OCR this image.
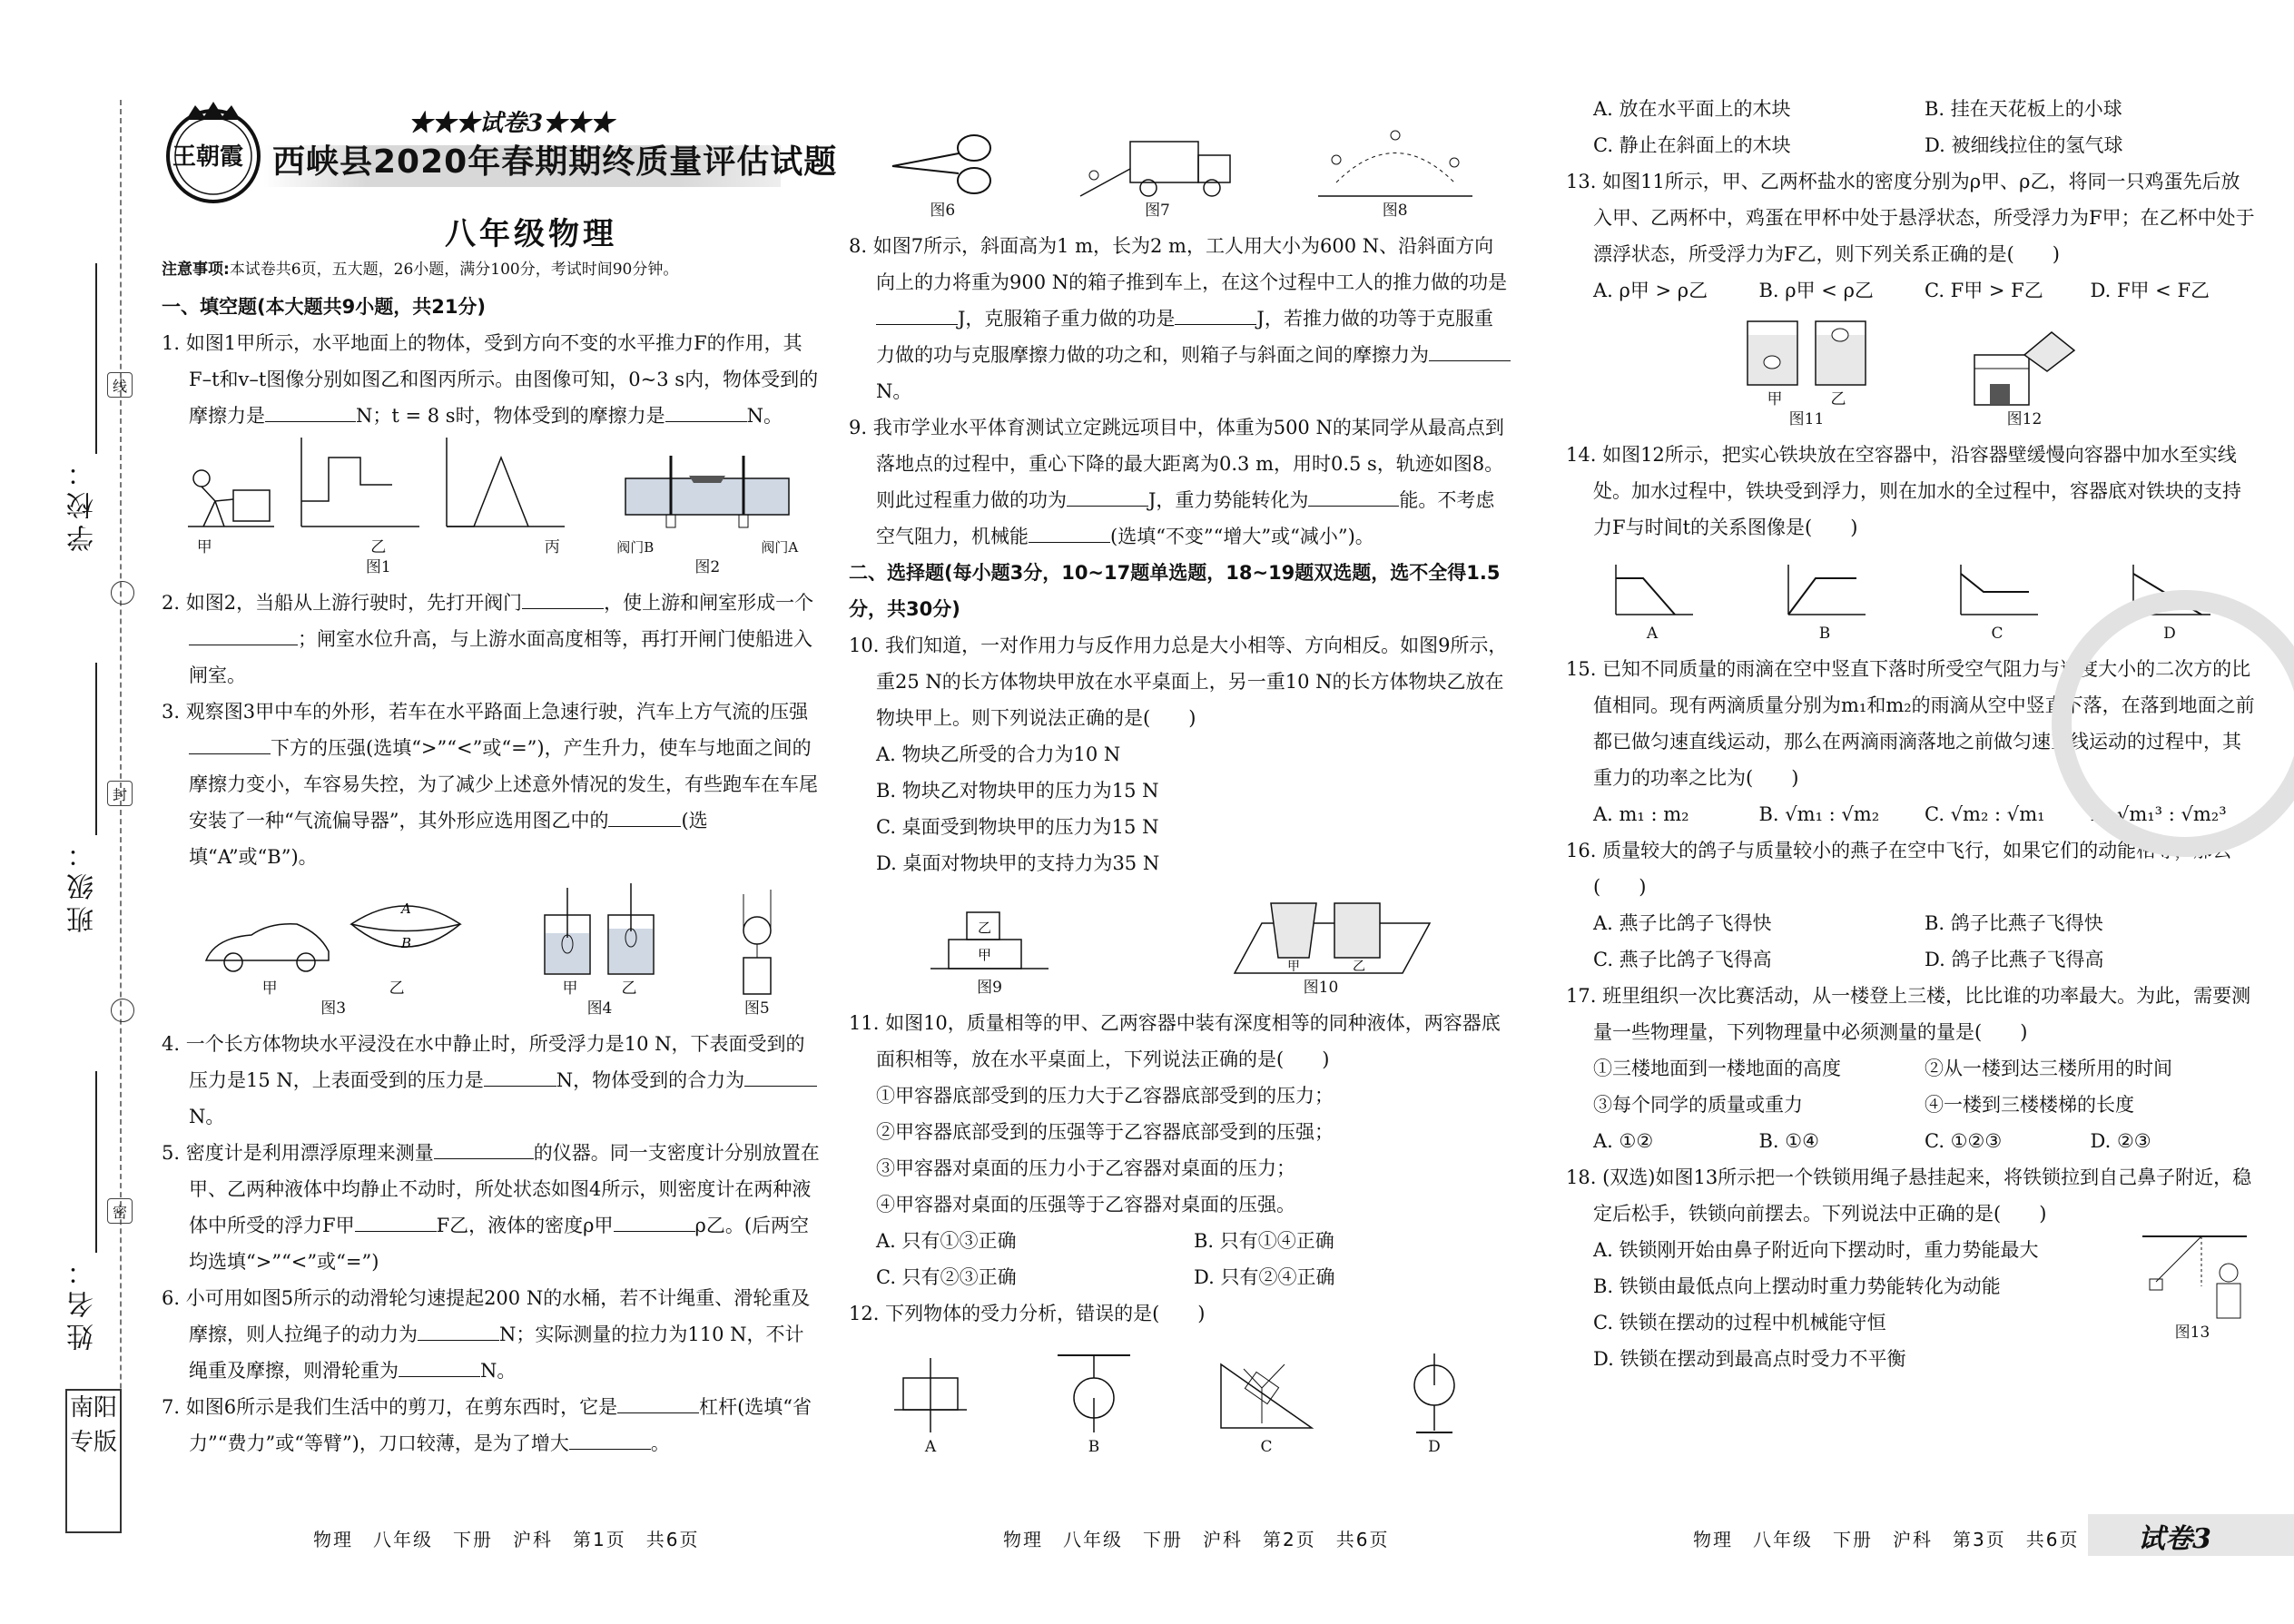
学校：
班级：
姓名：
线
封
密
南阳专版
王朝霞
★★★试卷3★★★
西峡县2020年春期期终质量评估试题
八年级物理
注意事项:本试卷共6页，五大题，26小题，满分100分，考试时间90分钟。

一、填空题(本大题共9小题，共21分)

1. 如图1甲所示，水平地面上的物体，受到方向不变的水平推力F的作用，其F–t和v–t图像分别如图乙和图丙所示。由图像可知，0~3 s内，物体受到的摩擦力是	N；t = 8 s时，物体受到的摩擦力是	N。

甲	乙	丙
图1
阀门B	阀门A
图2

2. 如图2，当船从上游行驶时，先打开阀门	，使上游和闸室形成一个；闸室水位升高，与上游水面高度相等，再打开闸门使船进入闸室。

3. 观察图3甲中车的外形，若车在水平路面上急速行驶，汽车上方气流的压强下方的压强(选填“>”“<”或“=”)，产生升力，使车与地面之间的摩擦力变小，车容易失控，为了减少上述意外情况的发生，有些跑车在车尾安装了一种“气流偏导器”，其外形应选用图乙中的	(选填“A”或“B”)。

A
B
甲	乙
图3
甲	乙
图4	图5

4. 一个长方体物块水平浸没在水中静止时，所受浮力是10 N，下表面受到的压力是15 N，上表面受到的压力是	N，物体受到的合力为N。

5. 密度计是利用漂浮原理来测量	的仪器。同一支密度计分别放置在甲、乙两种液体中均静止不动时，所处状态如图4所示，则密度计在两种液体中所受的浮力F甲	F乙，液体的密度ρ甲	ρ乙。(后两空均选填“>”“<”或“=”)

6. 小可用如图5所示的动滑轮匀速提起200 N的水桶，若不计绳重、滑轮重及摩擦，则人拉绳子的动力为	N；实际测量的拉力为110 N，不计绳重及摩擦，则滑轮重为	N。

7. 如图6所示是我们生活中的剪刀，在剪东西时，它是	杠杆(选填“省力”“费力”或“等臂”)，刀口较薄，是为了增大	。

图6	图7	图8

8. 如图7所示，斜面高为1 m，长为2 m，工人用大小为600 N、沿斜面方向向上的力将重为900 N的箱子推到车上，在这个过程中工人的推力做的功是J，克服箱子重力做的功是	J，若推力做的功等于克服重力做的功与克服摩擦力做的功之和，则箱子与斜面之间的摩擦力为N。

9. 我市学业水平体育测试立定跳远项目中，体重为500 N的某同学从最高点到落地点的过程中，重心下降的最大距离为0.3 m，用时0.5 s，轨迹如图8。则此过程重力做的功为	J，重力势能转化为	能。不考虑空气阻力，机械能	(选填“不变”“增大”或“减小”)。

二、选择题(每小题3分，10~17题单选题，18~19题双选题，选不全得1.5分，共30分)

10. 我们知道，一对作用力与反作用力总是大小相等、方向相反。如图9所示，重25 N的长方体物块甲放在水平桌面上，另一重10 N的长方体物块乙放在物块甲上。则下列说法正确的是(　　)

A. 物块乙所受的合力为10 N

B. 物块乙对物块甲的压力为15 N

C. 桌面受到物块甲的压力为15 N

D. 桌面对物块甲的支持力为35 N

乙
甲
图9
甲	乙
图10

11. 如图10，质量相等的甲、乙两容器中装有深度相等的同种液体，两容器底面积相等，放在水平桌面上，下列说法正确的是(　　)

①甲容器底部受到的压力大于乙容器底部受到的压力；

②甲容器底部受到的压强等于乙容器底部受到的压强；

③甲容器对桌面的压力小于乙容器对桌面的压力；

④甲容器对桌面的压强等于乙容器对桌面的压强。

A. 只有①③正确	B. 只有①④正确
C. 只有②③正确	D. 只有②④正确

12. 下列物体的受力分析，错误的是(　　)

A	B	C	D
A. 放在水平面上的木块	B. 挂在天花板上的小球
C. 静止在斜面上的木块	D. 被细线拉住的氢气球

13. 如图11所示，甲、乙两杯盐水的密度分别为ρ甲、ρ乙，将同一只鸡蛋先后放入甲、乙两杯中，鸡蛋在甲杯中处于悬浮状态，所受浮力为F甲；在乙杯中处于漂浮状态，所受浮力为F乙，则下列关系正确的是(　　)

A. ρ甲 > ρ乙	B. ρ甲 < ρ乙	C. F甲 > F乙	D. F甲 < F乙
甲	乙
图11	图12

14. 如图12所示，把实心铁块放在空容器中，沿容器壁缓慢向容器中加水至实线处。加水过程中，铁块受到浮力，则在加水的全过程中，容器底对铁块的支持力F与时间t的关系图像是(　　)

A	B	C	D

15. 已知不同质量的雨滴在空中竖直下落时所受空气阻力与速度大小的二次方的比值相同。现有两滴质量分别为m₁和m₂的雨滴从空中竖直下落，在落到地面之前都已做匀速直线运动，那么在两滴雨滴落地之前做匀速直线运动的过程中，其重力的功率之比为(　　)

A. m₁ : m₂	B. √m₁ : √m₂	C. √m₂ : √m₁	D. √m₁³ : √m₂³

16. 质量较大的鸽子与质量较小的燕子在空中飞行，如果它们的动能相等，那么(　　)

A. 燕子比鸽子飞得快	B. 鸽子比燕子飞得快
C. 燕子比鸽子飞得高	D. 鸽子比燕子飞得高

17. 班里组织一次比赛活动，从一楼登上三楼，比比谁的功率最大。为此，需要测量一些物理量，下列物理量中必须测量的量是(　　)

①三楼地面到一楼地面的高度	②从一楼到达三楼所用的时间
③每个同学的质量或重力	④一楼到三楼楼梯的长度
A. ①②	B. ①④	C. ①②③	D. ②③

18. (双选)如图13所示把一个铁锁用绳子悬挂起来，将铁锁拉到自己鼻子附近，稳定后松手，铁锁向前摆去。下列说法中正确的是(　　)

A. 铁锁刚开始由鼻子附近向下摆动时，重力势能最大

B. 铁锁由最低点向上摆动时重力势能转化为动能

C. 铁锁在摆动的过程中机械能守恒

D. 铁锁在摆动到最高点时受力不平衡

图13
物理　八年级　下册　沪科　第1页　共6页	物理　八年级　下册　沪科　第2页　共6页	物理　八年级　下册　沪科　第3页　共6页 试卷3
